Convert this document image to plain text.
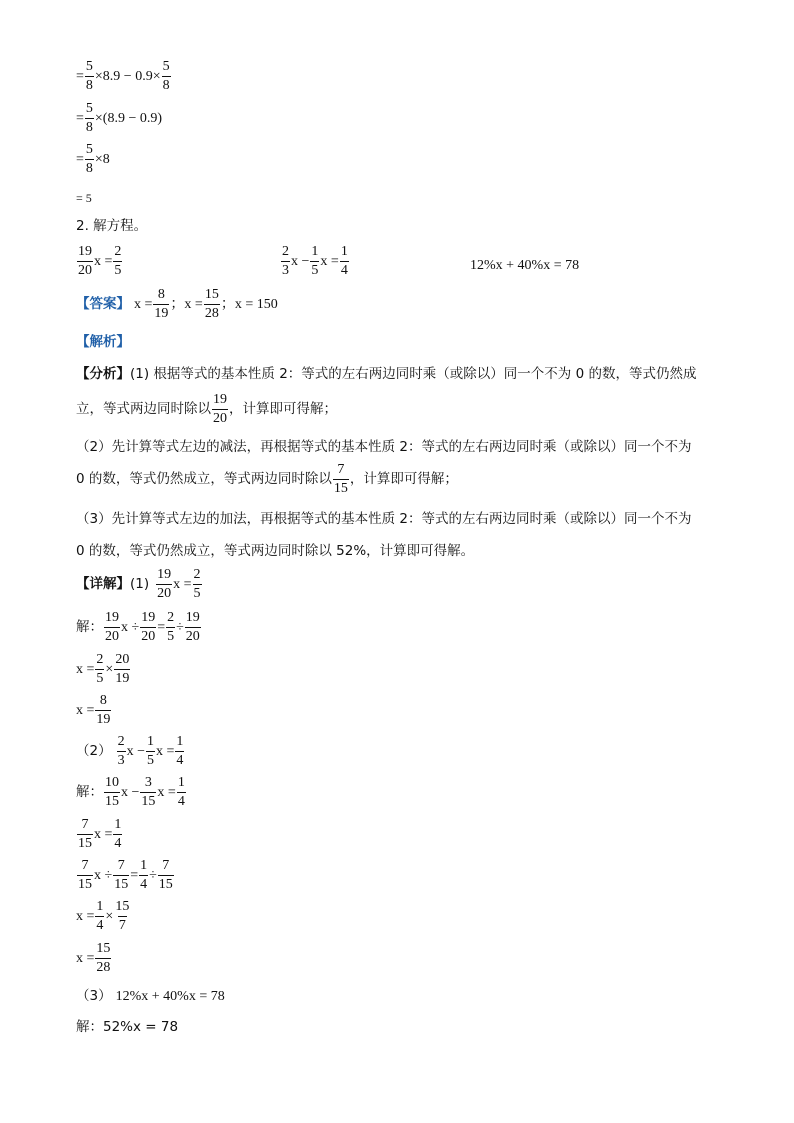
= $\frac{5}{8} \times 8.9 - 0.9\times \frac{5}{8}$
= $\frac{5}{8} \times(8.9 - 0.9)$
= $\frac{5}{8} \times 8$
= 5
2. 解方程。
$\frac{19}{20}$ $x = \frac{2}{5}$	$\frac{2}{3}$ $x - \frac{1}{5}$ $x = \frac{1}{4}$	12%x + 40%x = 78
【答案】 $x = \frac{8}{19}$ ； $x = \frac{15}{28}$ ； x = 150
【解析】
【分析】 (1) 根据等式的基本性质 2：等式的左右两边同时乘（或除以）同一个不为 0 的数，等式仍然成
立，等式两边同时除以 $\frac{19}{20}$ ，计算即可得解；
（2）先计算等式左边的减法，再根据等式的基本性质 2：等式的左右两边同时乘（或除以）同一个不为
0 的数，等式仍然成立，等式两边同时除以 $\frac{7}{15}$ ，计算即可得解；
（3）先计算等式左边的加法，再根据等式的基本性质 2：等式的左右两边同时乘（或除以）同一个不为
0 的数，等式仍然成立，等式两边同时除以 52%，计算即可得解。
【详解】 $(1) \frac{19}{20}$ $x = \frac{2}{5}$
解： $\frac{19}{20}$ $x \div \frac{19}{20} = \frac{2}{5} \div \frac{19}{20}$
$x = \frac{2}{5} \times \frac{20}{19}$
$x = \frac{8}{19}$
$(2) \frac{2}{3}$ $x - \frac{1}{5}$ $x = \frac{1}{4}$
解： $\frac{10}{15}$ $x - \frac{3}{15}$ $x = \frac{1}{4}$
$\frac{7}{15}$ $x = \frac{1}{4}$
$\frac{7}{15}$ $x \div \frac{7}{15} = \frac{1}{4} \div \frac{7}{15}$
$x = \frac{1}{4} \times \frac{15}{7}$
$x = \frac{15}{28}$
（3） 12%x + 40%x = 78
解：52%x = 78
